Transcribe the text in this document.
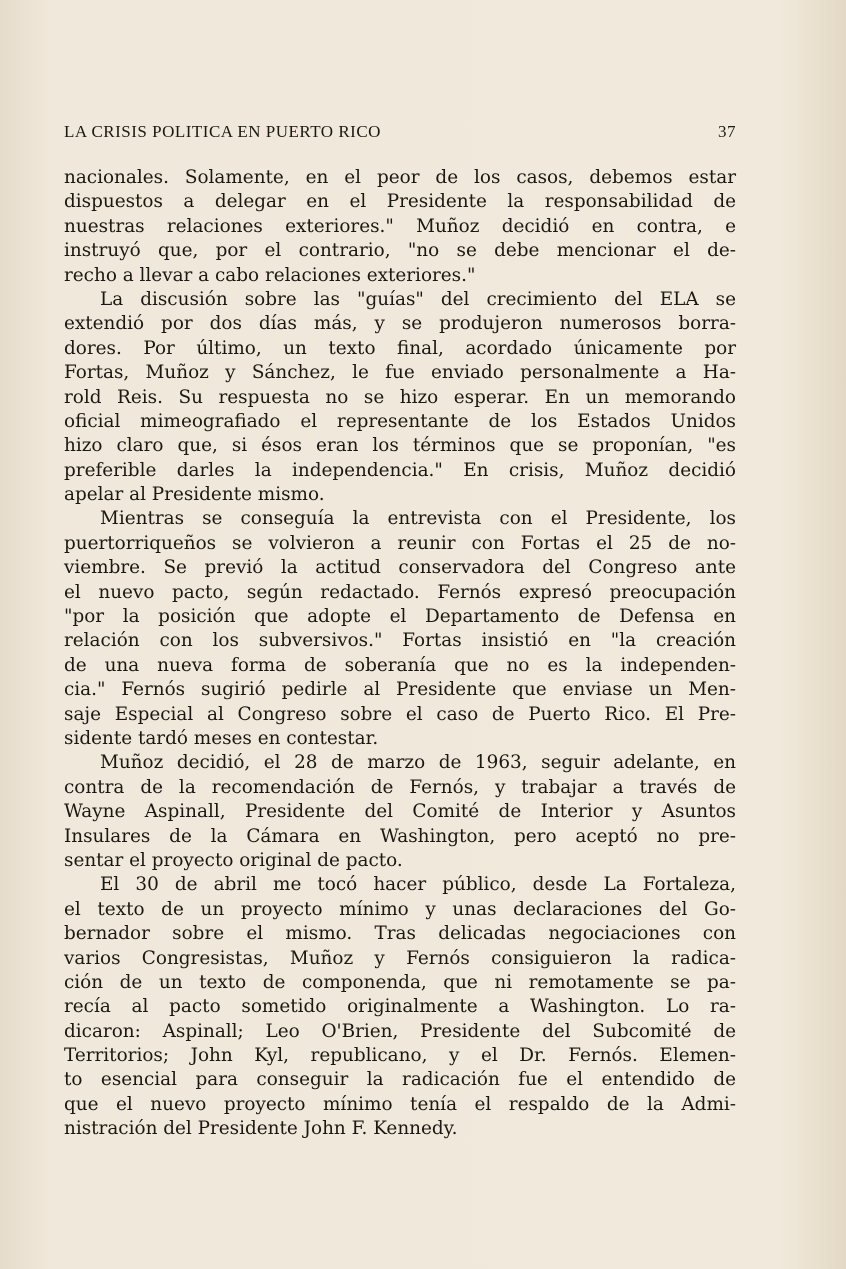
LA CRISIS POLITICA EN PUERTO RICO	37
nacionales. Solamente, en el peor de los casos, debemos estar
dispuestos a delegar en el Presidente la responsabilidad de
nuestras relaciones exteriores." Muñoz decidió en contra, e
instruyó que, por el contrario, "no se debe mencionar el de-
recho a llevar a cabo relaciones exteriores."
La discusión sobre las "guías" del crecimiento del ELA se
extendió por dos días más, y se produjeron numerosos borra-
dores. Por último, un texto final, acordado únicamente por
Fortas, Muñoz y Sánchez, le fue enviado personalmente a Ha-
rold Reis. Su respuesta no se hizo esperar. En un memorando
oficial mimeografiado el representante de los Estados Unidos
hizo claro que, si ésos eran los términos que se proponían, "es
preferible darles la independencia." En crisis, Muñoz decidió
apelar al Presidente mismo.
Mientras se conseguía la entrevista con el Presidente, los
puertorriqueños se volvieron a reunir con Fortas el 25 de no-
viembre. Se previó la actitud conservadora del Congreso ante
el nuevo pacto, según redactado. Fernós expresó preocupación
"por la posición que adopte el Departamento de Defensa en
relación con los subversivos." Fortas insistió en "la creación
de una nueva forma de soberanía que no es la independen-
cia." Fernós sugirió pedirle al Presidente que enviase un Men-
saje Especial al Congreso sobre el caso de Puerto Rico. El Pre-
sidente tardó meses en contestar.
Muñoz decidió, el 28 de marzo de 1963, seguir adelante, en
contra de la recomendación de Fernós, y trabajar a través de
Wayne Aspinall, Presidente del Comité de Interior y Asuntos
Insulares de la Cámara en Washington, pero aceptó no pre-
sentar el proyecto original de pacto.
El 30 de abril me tocó hacer público, desde La Fortaleza,
el texto de un proyecto mínimo y unas declaraciones del Go-
bernador sobre el mismo. Tras delicadas negociaciones con
varios Congresistas, Muñoz y Fernós consiguieron la radica-
ción de un texto de componenda, que ni remotamente se pa-
recía al pacto sometido originalmente a Washington. Lo ra-
dicaron: Aspinall; Leo O'Brien, Presidente del Subcomité de
Territorios; John Kyl, republicano, y el Dr. Fernós. Elemen-
to esencial para conseguir la radicación fue el entendido de
que el nuevo proyecto mínimo tenía el respaldo de la Admi-
nistración del Presidente John F. Kennedy.
